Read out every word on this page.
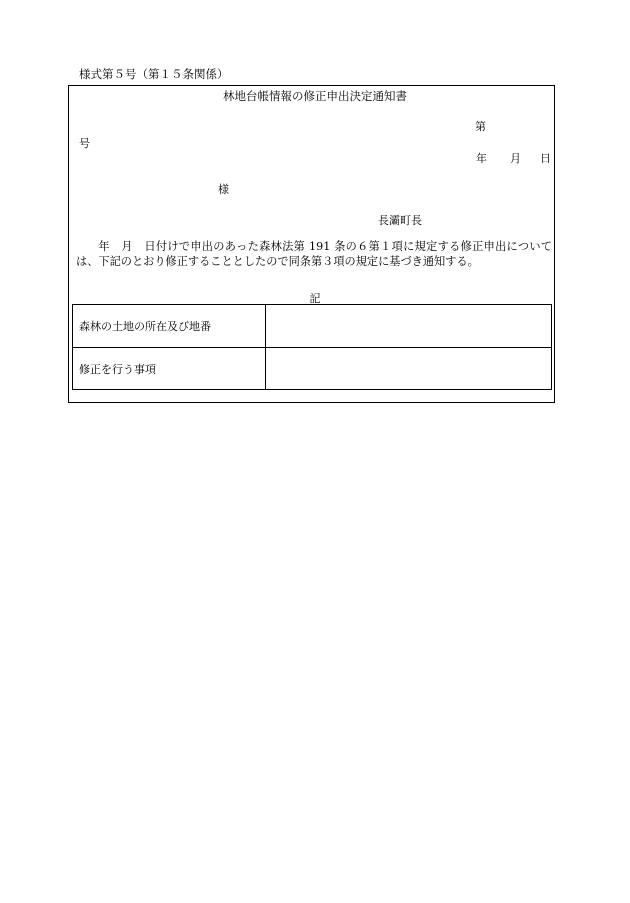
様式第５号（第１５条関係）
林地台帳情報の修正申出決定通知書
第
号
年 月 日
様
長灞町長
年　月　日付けで申出のあった森林法第 191 条の６第１項に規定する修正申出については、下記のとおり修正することとしたので同条第３項の規定に基づき通知する。
記
森林の土地の所在及び地番	
修正を行う事項	
